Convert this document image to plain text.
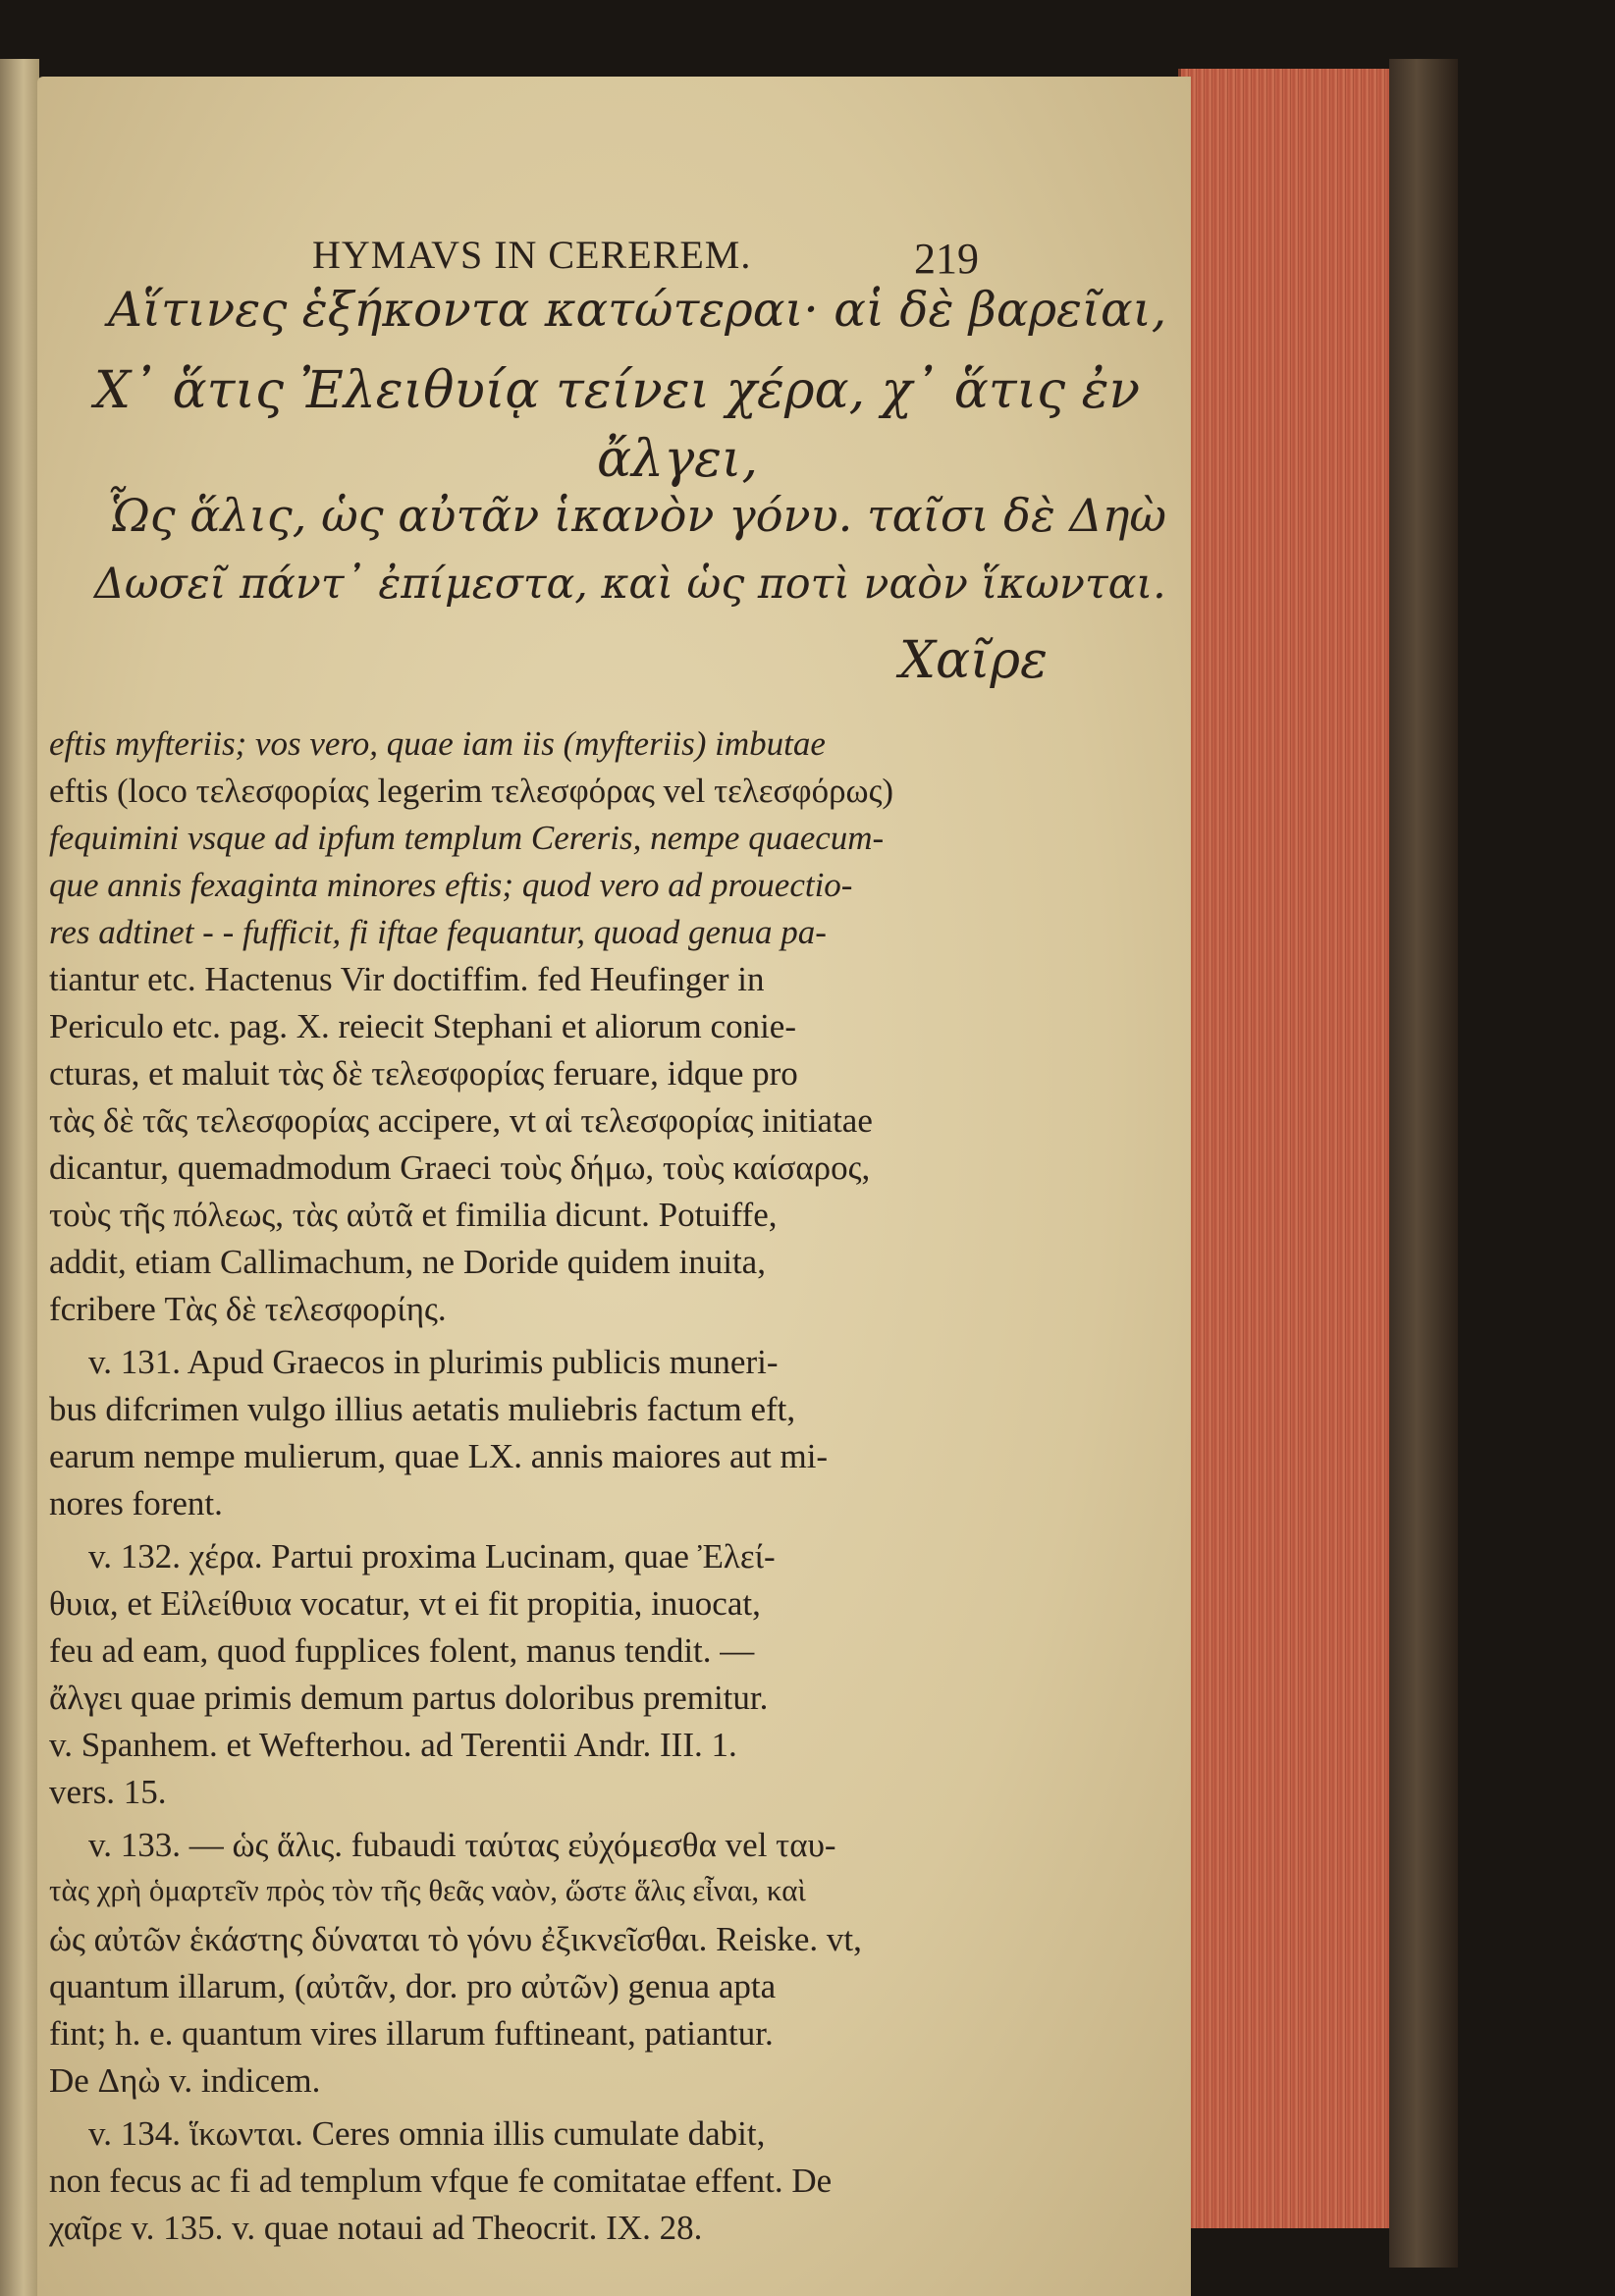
HYMAVS IN CEREREM.	219
Αἵτινες ἑξήκοντα κατώτεραι· αἱ δὲ βαρεῖαι,
Χ᾽ ἅτις Ἐλειθυίᾳ τείνει χέρα, χ᾽ ἅτις ἐν
ἄλγει,
Ὧς ἅλις, ὡς αὐτᾶν ἱκανὸν γόνυ. ταῖσι δὲ Δηὼ
Δωσεῖ πάντ᾽ ἐπίμεστα, καὶ ὡς ποτὶ ναὸν ἵκωνται.
Χαῖρε
eftis myfteriis; vos vero, quae iam iis (myfteriis) imbutae
eftis (loco τελεσφορίας legerim τελεσφόρας vel τελεσφόρως)
fequimini vsque ad ipfum templum Cereris, nempe quaecum-
que annis fexaginta minores eftis; quod vero ad prouectio-
res adtinet - - fufficit, fi iftae fequantur, quoad genua pa-
tiantur etc. Hactenus Vir doctiffim. fed Heufinger in
Periculo etc. pag. X. reiecit Stephani et aliorum conie-
cturas, et maluit τὰς δὲ τελεσφορίας feruare, idque pro
τὰς δὲ τᾶς τελεσφορίας accipere, vt αἱ τελεσφορίας initiatae
dicantur, quemadmodum Graeci τοὺς δήμω, τοὺς καίσαρος,
τοὺς τῆς πόλεως, τὰς αὐτᾶ et fimilia dicunt. Potuiffe,
addit, etiam Callimachum, ne Doride quidem inuita,
fcribere Τὰς δὲ τελεσφορίης.
v. 131. Apud Graecos in plurimis publicis muneri-
bus difcrimen vulgo illius aetatis muliebris factum eft,
earum nempe mulierum, quae LX. annis maiores aut mi-
nores forent.
v. 132. χέρα. Partui proxima Lucinam, quae Ἐλεί-
θυια, et Εἰλείθυια vocatur, vt ei fit propitia, inuocat,
feu ad eam, quod fupplices folent, manus tendit. —
ἄλγει quae primis demum partus doloribus premitur.
v. Spanhem. et Wefterhou. ad Terentii Andr. III. 1.
vers. 15.
v. 133. — ὡς ἅλις. fubaudi ταύτας εὐχόμεσθα vel ταυ-
τὰς χρὴ ὁμαρτεῖν πρὸς τὸν τῆς θεᾶς ναὸν, ὥστε ἅλις εἶναι, καὶ
ὡς αὐτῶν ἑκάστης δύναται τὸ γόνυ ἐξικνεῖσθαι. Reiske. vt,
quantum illarum, (αὐτᾶν, dor. pro αὐτῶν) genua apta
fint; h. e. quantum vires illarum fuftineant, patiantur.
De Δηὼ v. indicem.
v. 134. ἵκωνται. Ceres omnia illis cumulate dabit,
non fecus ac fi ad templum vfque fe comitatae effent. De
χαῖρε v. 135. v. quae notaui ad Theocrit. IX. 28.
